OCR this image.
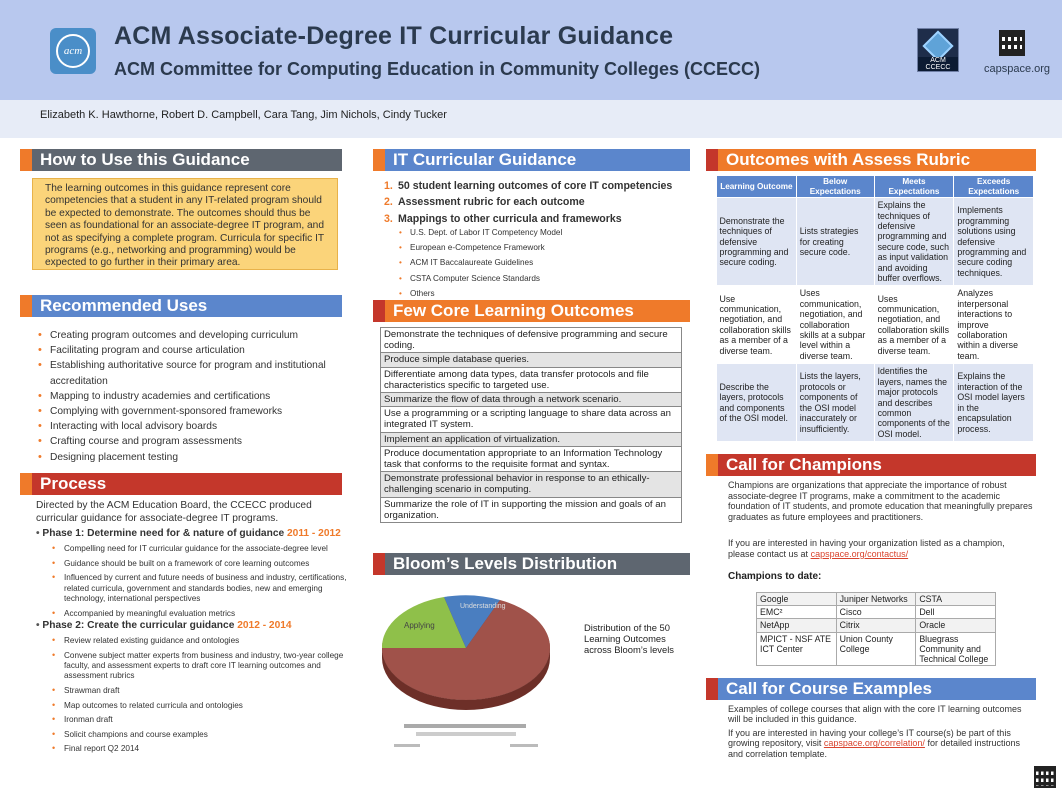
acm
ACM Associate-Degree IT Curricular Guidance
ACM Committee for Computing Education in Community Colleges (CCECC)	ACM CCECC	capspace.org
Elizabeth K. Hawthorne, Robert D. Campbell, Cara Tang, Jim Nichols, Cindy Tucker
How to Use this Guidance
The learning outcomes in this guidance represent core competencies that a student in any IT-related program should be expected to demonstrate. The outcomes should thus be seen as foundational for an associate-degree IT program, and not as specifying a complete program. Curricula for specific IT programs (e.g., networking and programming) would be expected to go further in their primary area.
Recommended Uses
• Creating program outcomes and developing curriculum
• Facilitating program and course articulation
• Establishing authoritative source for program and institutional accreditation
• Mapping to industry academies and certifications
• Complying with government-sponsored frameworks
• Interacting with local advisory boards
• Crafting course and program assessments
• Designing placement testing
Process
Directed by the ACM Education Board, the CCECC produced curricular guidance for associate-degree IT programs.
• Phase 1: Determine need for & nature of guidance 2011 - 2012
• Compelling need for IT curricular guidance for the associate-degree level
• Guidance should be built on a framework of core learning outcomes
• Influenced by current and future needs of business and industry, certifications, related curricula, government and standards bodies, new and emerging technology, international perspectives
• Accompanied by meaningful evaluation metrics
• Phase 2: Create the curricular guidance 2012 - 2014
• Review related existing guidance and ontologies
• Convene subject matter experts from business and industry, two-year college faculty, and assessment experts to draft core IT learning outcomes and assessment rubrics
• Strawman draft
• Map outcomes to related curricula and ontologies
• Ironman draft
• Solicit champions and course examples
• Final report Q2 2014
IT Curricular Guidance
1. 50 student learning outcomes of core IT competencies
2. Assessment rubric for each outcome
3. Mappings to other curricula and frameworks
• U.S. Dept. of Labor IT Competency Model
• European e-Competence Framework
• ACM IT Baccalaureate Guidelines
• CSTA Computer Science Standards
• Others
Few Core Learning Outcomes
Demonstrate the techniques of defensive programming and secure coding.
Produce simple database queries.
Differentiate among data types, data transfer protocols and file characteristics specific to targeted use.
Summarize the flow of data through a network scenario.
Use a programming or a scripting language to share data across an integrated IT system.
Implement an application of virtualization.
Produce documentation appropriate to an Information Technology task that conforms to the requisite format and syntax.
Demonstrate professional behavior in response to an ethically-challenging scenario in computing.
Summarize the role of IT in supporting the mission and goals of an organization.
Bloom’s Levels Distribution
Applying
Understanding
Distribution of the 50 Learning Outcomes across Bloom’s levels
Outcomes with Assess Rubric
Learning Outcome	Below Expectations	Meets Expectations	Exceeds Expectations
Demonstrate the techniques of defensive programming and secure coding.	Lists strategies for creating secure code.	Explains the techniques of defensive programming and secure code, such as input validation and avoiding buffer overflows.	Implements programming solutions using defensive programming and secure coding techniques.
Use communication, negotiation, and collaboration skills as a member of a diverse team.	Uses communication, negotiation, and collaboration skills at a subpar level within a diverse team.	Uses communication, negotiation, and collaboration skills as a member of a diverse team.	Analyzes interpersonal interactions to improve collaboration within a diverse team.
Describe the layers, protocols and components of the OSI model.	Lists the layers, protocols or components of the OSI model inaccurately or insufficiently.	Identifies the layers, names the major protocols and describes common components of the OSI model.	Explains the interaction of the OSI model layers in the encapsulation process.
Call for Champions
Champions are organizations that appreciate the importance of robust associate-degree IT programs, make a commitment to the academic foundation of IT students, and promote education that meaningfully prepares graduates as future employees and practitioners.
If you are interested in having your organization listed as a champion, please contact us at capspace.org/contactus/
Champions to date:
Google	Juniper Networks	CSTA
EMC²	Cisco	Dell
NetApp	Citrix	Oracle
MPICT - NSF ATE ICT Center	Union County College	Bluegrass Community and Technical College
Call for Course Examples
Examples of college courses that align with the core IT learning outcomes will be included in this guidance.
If you are interested in having your college’s IT course(s) be part of this growing repository, visit capspace.org/correlation/ for detailed instructions and correlation template.
